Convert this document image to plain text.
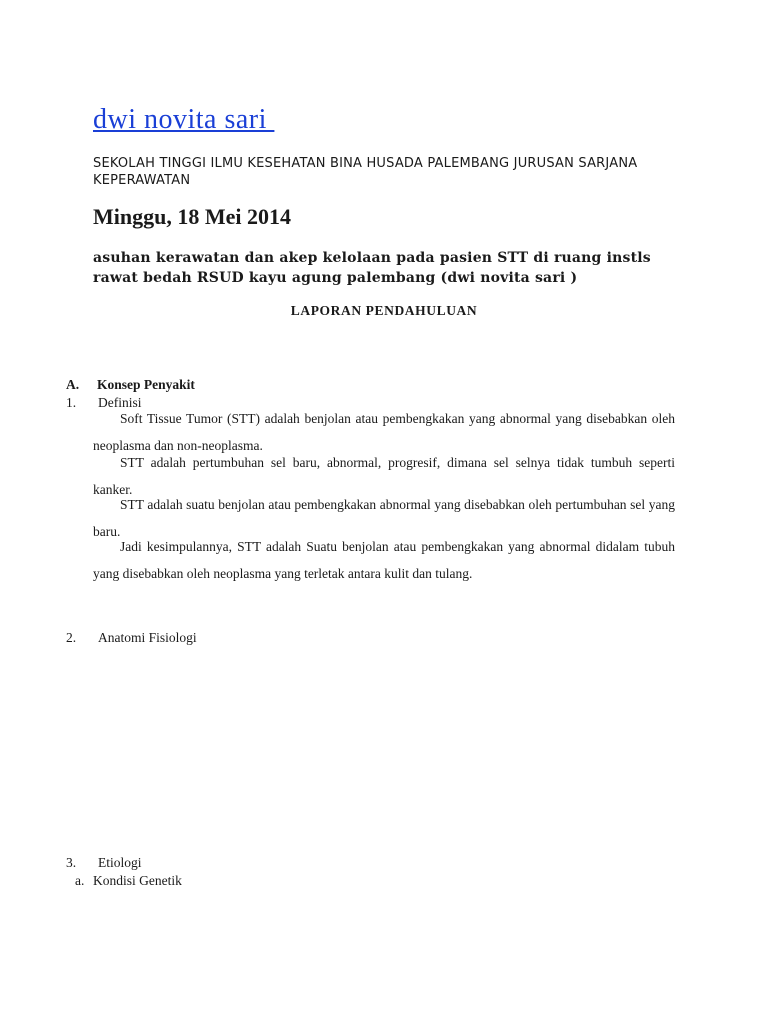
dwi novita sari
SEKOLAH TINGGI ILMU KESEHATAN BINA HUSADA PALEMBANG JURUSAN SARJANA KEPERAWATAN
Minggu, 18 Mei 2014
asuhan kerawatan dan akep kelolaan pada pasien STT di ruang instls rawat bedah RSUD kayu agung palembang (dwi novita sari )
LAPORAN PENDAHULUAN
A. Konsep Penyakit
1. Definisi

Soft Tissue Tumor (STT) adalah benjolan atau pembengkakan yang abnormal yang disebabkan oleh neoplasma dan non-neoplasma.

STT adalah pertumbuhan sel baru, abnormal, progresif, dimana sel selnya tidak tumbuh seperti kanker.

STT adalah suatu benjolan atau pembengkakan abnormal yang disebabkan oleh pertumbuhan sel yang baru.

Jadi kesimpulannya, STT adalah Suatu benjolan atau pembengkakan yang abnormal didalam tubuh yang disebabkan oleh neoplasma yang terletak antara kulit dan tulang.

2. Anatomi Fisiologi
3. Etiologi
a. Kondisi Genetik
